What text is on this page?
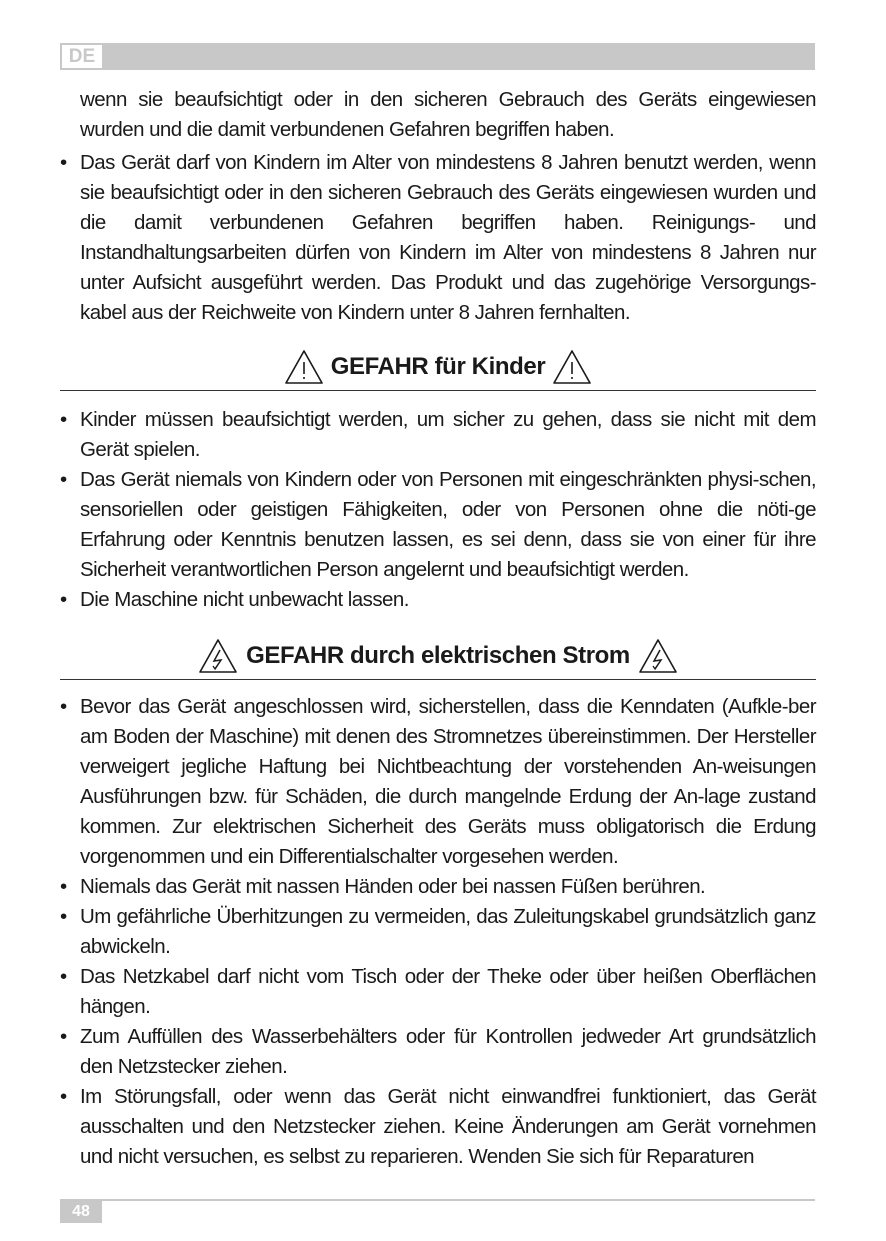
DE

wenn sie beaufsichtigt oder in den sicheren Gebrauch des Geräts eingewiesen wurden und die damit verbundenen Gefahren begriffen haben.

• Das Gerät darf von Kindern im Alter von mindestens 8 Jahren benutzt werden, wenn sie beaufsichtigt oder in den sicheren Gebrauch des Geräts eingewiesen wurden und die damit verbundenen Gefahren begriffen haben. Reinigungs- und Instandhaltungsarbeiten dürfen von Kindern im Alter von mindestens 8 Jahren nur unter Aufsicht ausgeführt werden. Das Produkt und das zugehörige Versorgungs-kabel aus der Reichweite von Kindern unter 8 Jahren fernhalten.

GEFAHR für Kinder

• Kinder müssen beaufsichtigt werden, um sicher zu gehen, dass sie nicht mit dem Gerät spielen.

• Das Gerät niemals von Kindern oder von Personen mit eingeschränkten physi-schen, sensoriellen oder geistigen Fähigkeiten, oder von Personen ohne die nöti-ge Erfahrung oder Kenntnis benutzen lassen, es sei denn, dass sie von einer für ihre Sicherheit verantwortlichen Person angelernt und beaufsichtigt werden.

• Die Maschine nicht unbewacht lassen.

GEFAHR durch elektrischen Strom

• Bevor das Gerät angeschlossen wird, sicherstellen, dass die Kenndaten (Aufkle-ber am Boden der Maschine) mit denen des Stromnetzes übereinstimmen. Der Hersteller verweigert jegliche Haftung bei Nichtbeachtung der vorstehenden An-weisungen Ausführungen bzw. für Schäden, die durch mangelnde Erdung der An-lage zustand kommen. Zur elektrischen Sicherheit des Geräts muss obligatorisch die Erdung vorgenommen und ein Differentialschalter vorgesehen werden.

• Niemals das Gerät mit nassen Händen oder bei nassen Füßen berühren.

• Um gefährliche Überhitzungen zu vermeiden, das Zuleitungskabel grundsätzlich ganz abwickeln.

• Das Netzkabel darf nicht vom Tisch oder der Theke oder über heißen Oberflächen hängen.

• Zum Auffüllen des Wasserbehälters oder für Kontrollen jedweder Art grundsätzlich den Netzstecker ziehen.

• Im Störungsfall, oder wenn das Gerät nicht einwandfrei funktioniert, das Gerät ausschalten und den Netzstecker ziehen. Keine Änderungen am Gerät vornehmen und nicht versuchen, es selbst zu reparieren. Wenden Sie sich für Reparaturen

48
